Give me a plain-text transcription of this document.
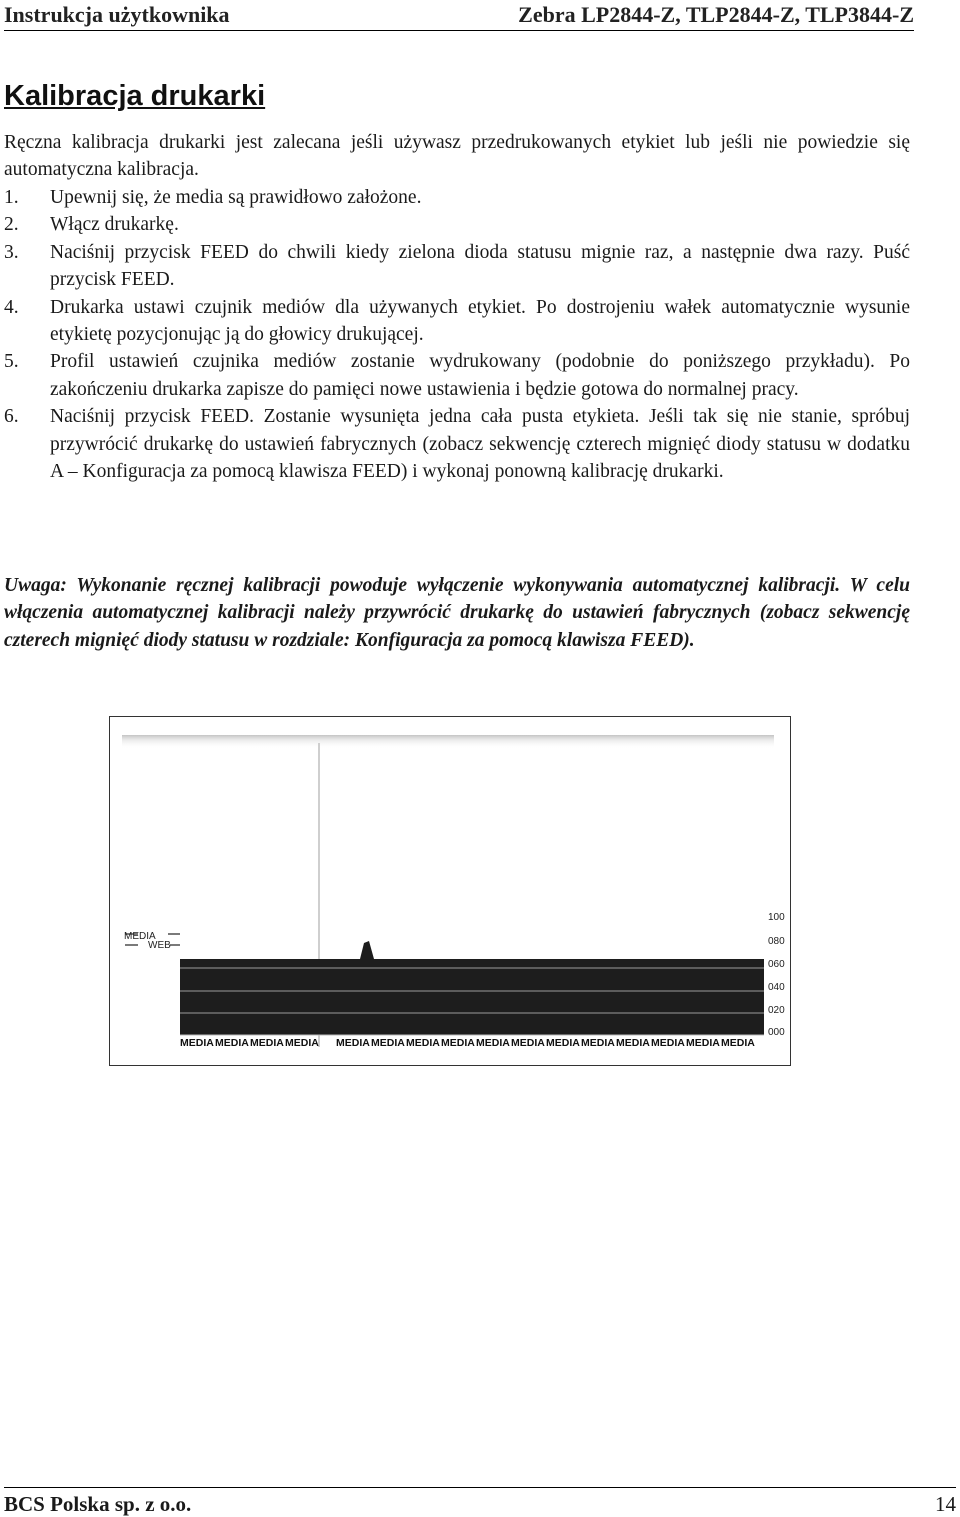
Instrukcja użytkownika	Zebra LP2844-Z, TLP2844-Z, TLP3844-Z
Kalibracja drukarki

Ręczna kalibracja drukarki jest zalecana jeśli używasz przedrukowanych etykiet lub jeśli nie powiedzie się automatyczna kalibracja.

1. Upewnij się, że media są prawidłowo założone.
2. Włącz drukarkę.
3. Naciśnij przycisk FEED do chwili kiedy zielona dioda statusu mignie raz, a następnie dwa razy. Puść przycisk FEED.
4. Drukarka ustawi czujnik mediów dla używanych etykiet. Po dostrojeniu wałek automatycznie wysunie etykietę pozycjonując ją do głowicy drukującej.
5. Profil ustawień czujnika mediów zostanie wydrukowany (podobnie do poniższego przykładu). Po zakończeniu drukarka zapisze do pamięci nowe ustawienia i będzie gotowa do normalnej pracy.
6. Naciśnij przycisk FEED. Zostanie wysunięta jedna cała pusta etykieta. Jeśli tak się nie stanie, spróbuj przywrócić drukarkę do ustawień fabrycznych (zobacz sekwencję czterech mignięć diody statusu w dodatku A – Konfiguracja za pomocą klawisza FEED) i wykonaj ponowną kalibrację drukarki.

Uwaga: Wykonanie ręcznej kalibracji powoduje wyłączenie wykonywania automatycznej kalibracji. W celu włączenia automatycznej kalibracji należy przywrócić drukarkę do ustawień fabrycznych (zobacz sekwencję czterech mignięć diody statusu w rozdziale: Konfiguracja za pomocą klawisza FEED).

MEDIA
WEB
100
080
060
040
020
000
MEDIA MEDIA MEDIA MEDIA MEDIA MEDIA MEDIA MEDIA MEDIA MEDIA MEDIA MEDIA MEDIA MEDIA MEDIA MEDIA
BCS Polska sp. z o.o.	14
